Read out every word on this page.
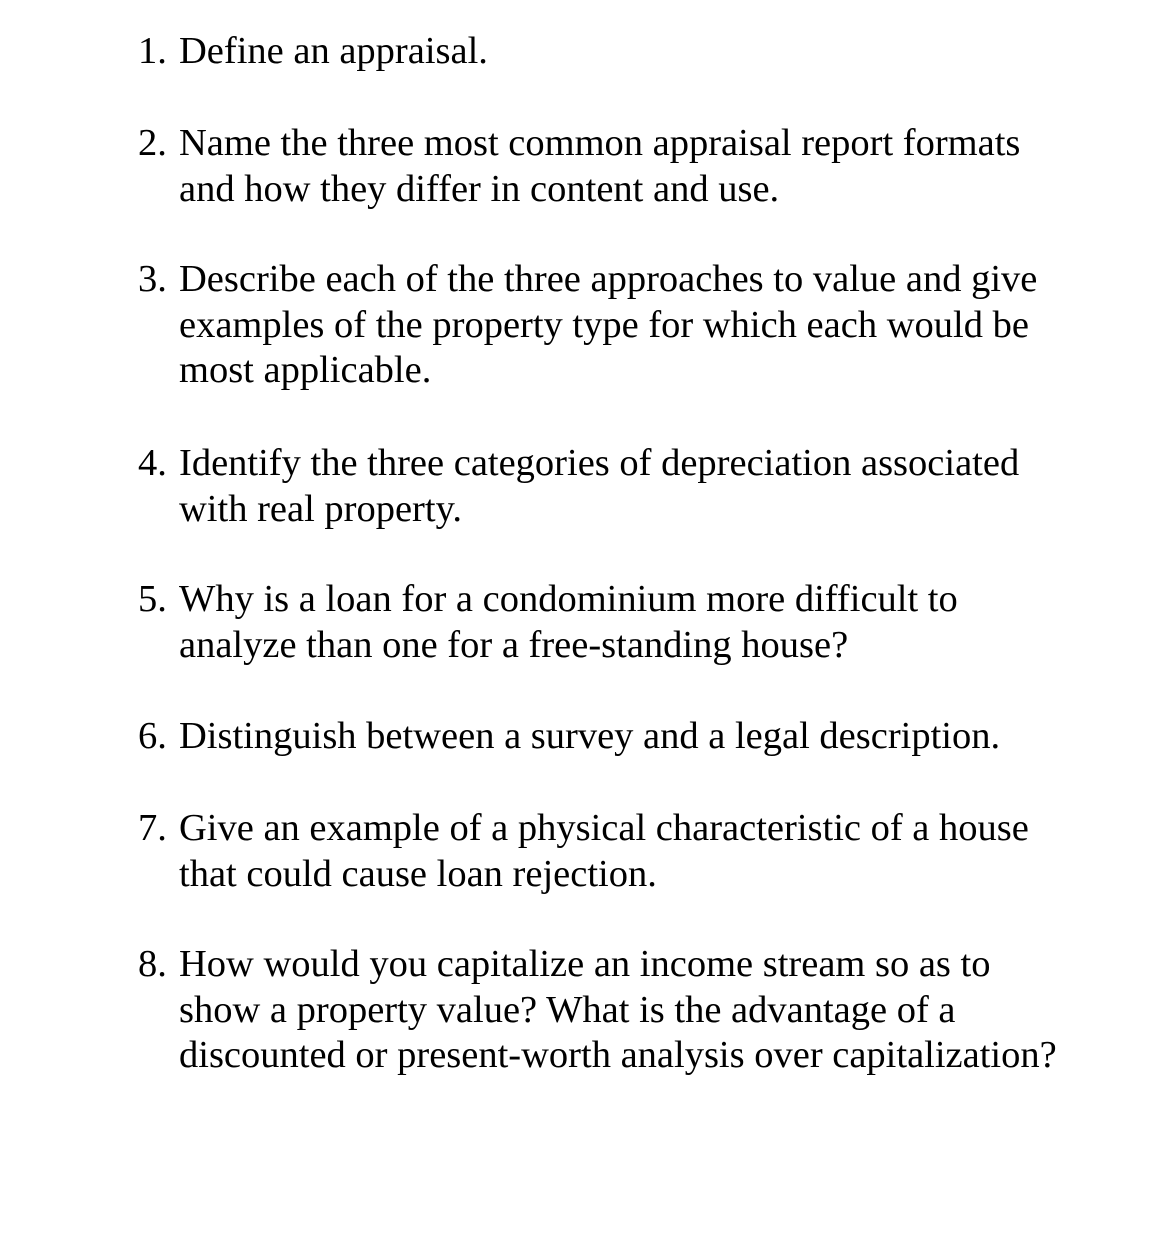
1. Define an appraisal.
2. Name the three most common appraisal report formats
and how they differ in content and use.
3. Describe each of the three approaches to value and give
examples of the property type for which each would be
most applicable.
4. Identify the three categories of depreciation associated
with real property.
5. Why is a loan for a condominium more difficult to
analyze than one for a free-standing house?
6. Distinguish between a survey and a legal description.
7. Give an example of a physical characteristic of a house
that could cause loan rejection.
8. How would you capitalize an income stream so as to
show a property value? What is the advantage of a
discounted or present-worth analysis over capitalization?
